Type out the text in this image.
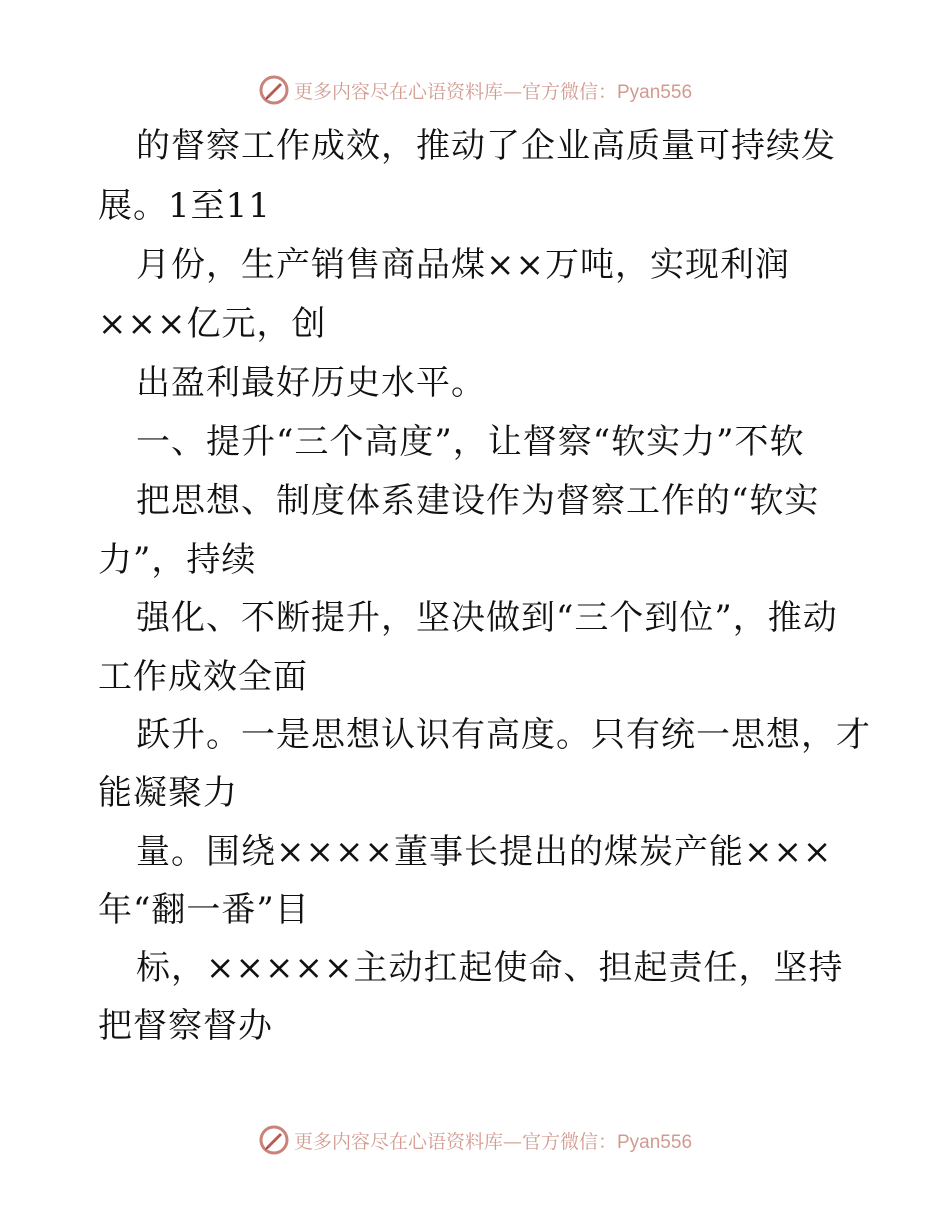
更多内容尽在心语资料库—官方微信：Pyan556
的督察工作成效，推动了企业高质量可持续发
展。1至11
月份，生产销售商品煤××万吨，实现利润
×××亿元，创
出盈利最好历史水平。
一、提升“三个高度”，让督察“软实力”不软
把思想、制度体系建设作为督察工作的“软实
力”，持续
强化、不断提升，坚决做到“三个到位”，推动
工作成效全面
跃升。一是思想认识有高度。只有统一思想，才
能凝聚力
量。围绕××××董事长提出的煤炭产能×××
年“翻一番”目
标，×××××主动扛起使命、担起责任，坚持
把督察督办
更多内容尽在心语资料库—官方微信：Pyan556
